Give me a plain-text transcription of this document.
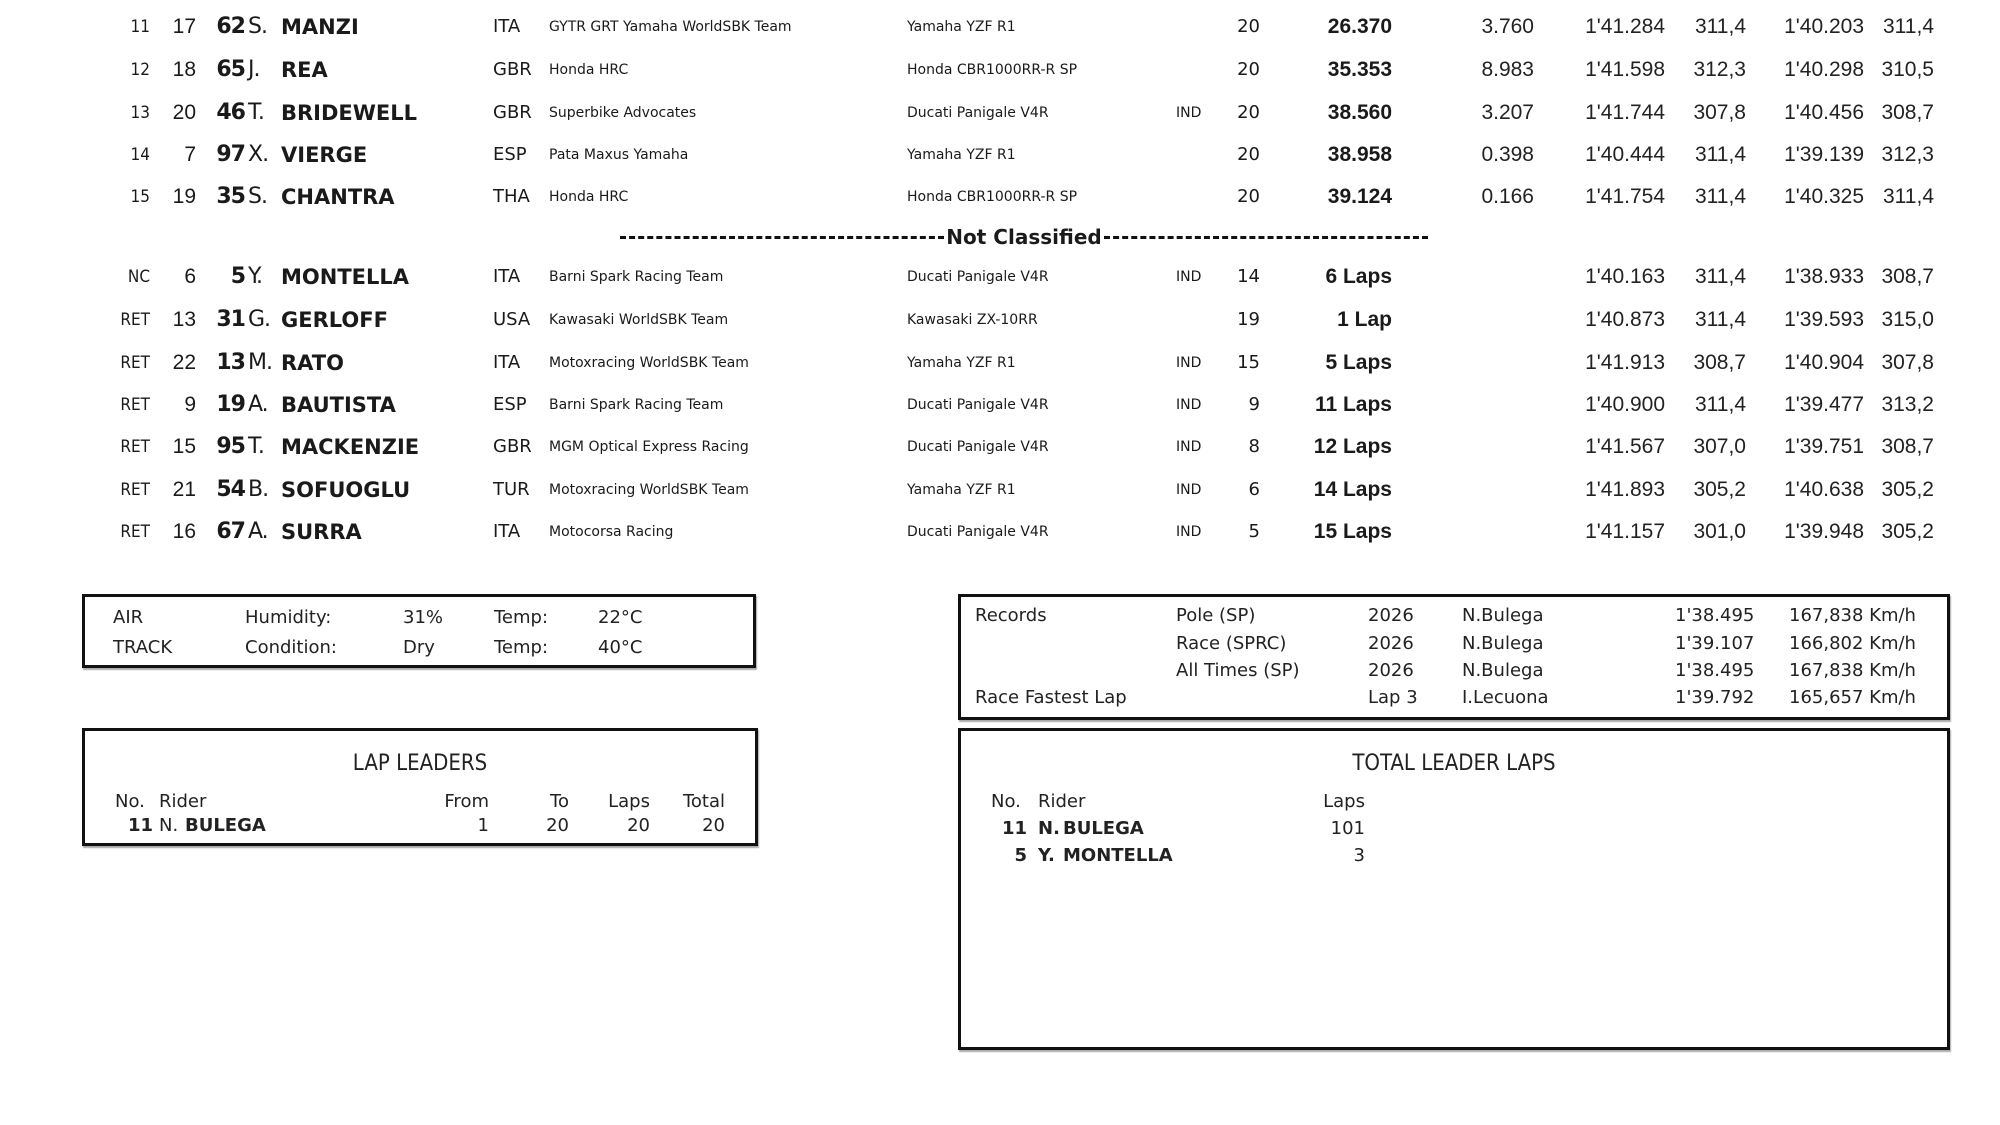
11	17 62 S. MANZI	ITA GYTR GRT Yamaha WorldSBK Team	Yamaha YZF R1	20	26.370	3.760	1'41.284	311,4	1'40.203 311,4
12	18 65 J. REA	GBR Honda HRC	Honda CBR1000RR-R SP	20	35.353	8.983	1'41.598	312,3	1'40.298 310,5
13	20 46 T. BRIDEWELL	GBR Superbike Advocates	Ducati Panigale V4R	IND	20	38.560	3.207	1'41.744	307,8	1'40.456 308,7
14	7 97 X. VIERGE	ESP Pata Maxus Yamaha	Yamaha YZF R1	20	38.958	0.398	1'40.444	311,4	1'39.139 312,3
15	19 35 S. CHANTRA	THA Honda HRC	Honda CBR1000RR-R SP	20	39.124	0.166	1'41.754	311,4	1'40.325 311,4
Not Classified
NC	6	5 Y. MONTELLA	ITA Barni Spark Racing Team	Ducati Panigale V4R	IND	14	6 Laps	1'40.163	311,4	1'38.933 308,7
RET	13 31 G. GERLOFF	USA Kawasaki WorldSBK Team	Kawasaki ZX-10RR	19	1 Lap	1'40.873	311,4	1'39.593 315,0
RET	22 13 M. RATO	ITA Motoxracing WorldSBK Team	Yamaha YZF R1	IND	15	5 Laps	1'41.913	308,7	1'40.904 307,8
RET	9 19 A. BAUTISTA	ESP Barni Spark Racing Team	Ducati Panigale V4R	IND	9	11 Laps	1'40.900	311,4	1'39.477 313,2
RET	15 95 T. MACKENZIE	GBR MGM Optical Express Racing	Ducati Panigale V4R	IND	8	12 Laps	1'41.567	307,0	1'39.751 308,7
RET	21 54 B. SOFUOGLU	TUR Motoxracing WorldSBK Team	Yamaha YZF R1	IND	6	14 Laps	1'41.893	305,2	1'40.638 305,2
RET	16 67 A. SURRA	ITA Motocorsa Racing	Ducati Panigale V4R	IND	5	15 Laps	1'41.157	301,0	1'39.948 305,2
AIR	Humidity:	31%	Temp:	22°C
TRACK	Condition:	Dry	Temp:	40°C
LAP LEADERS
No. Rider	From	To	Laps	Total
11 N. BULEGA	1	20	20	20
Records	Pole (SP)	2026	N.Bulega	1'38.495 167,838 Km/h
Race (SPRC)	2026	N.Bulega	1'39.107 166,802 Km/h
All Times (SP)	2026	N.Bulega	1'38.495 167,838 Km/h
Race Fastest Lap	Lap 3 I.Lecuona	1'39.792 165,657 Km/h
TOTAL LEADER LAPS
No. Rider	Laps
11 N. BULEGA	101
5 Y. MONTELLA	3
